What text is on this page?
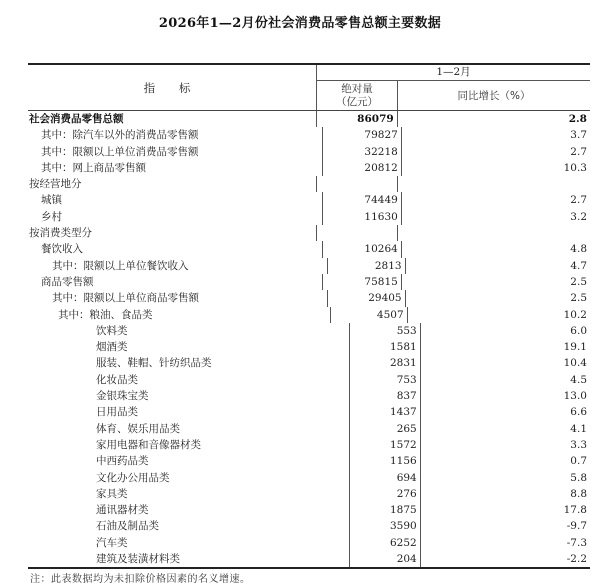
2026年1—2月份社会消费品零售总额主要数据
指 标
1—2月
绝对量
（亿元）	同比增长（%）
社会消费品零售总额	86079	2.8
其中：除汽车以外的消费品零售额	79827	3.7
其中：限额以上单位消费品零售额	32218	2.7
其中：网上商品零售额	20812	10.3
按经营地分
城镇	74449	2.7
乡村	11630	3.2
按消费类型分
餐饮收入	10264	4.8
其中：限额以上单位餐饮收入	2813	4.7
商品零售额	75815	2.5
其中：限额以上单位商品零售额	29405	2.5
其中：粮油、食品类	4507	10.2
饮料类	553	6.0
烟酒类	1581	19.1
服装、鞋帽、针纺织品类	2831	10.4
化妆品类	753	4.5
金银珠宝类	837	13.0
日用品类	1437	6.6
体育、娱乐用品类	265	4.1
家用电器和音像器材类	1572	3.3
中西药品类	1156	0.7
文化办公用品类	694	5.8
家具类	276	8.8
通讯器材类	1875	17.8
石油及制品类	3590	-9.7
汽车类	6252	-7.3
建筑及装潢材料类	204	-2.2
注：此表数据均为未扣除价格因素的名义增速。
